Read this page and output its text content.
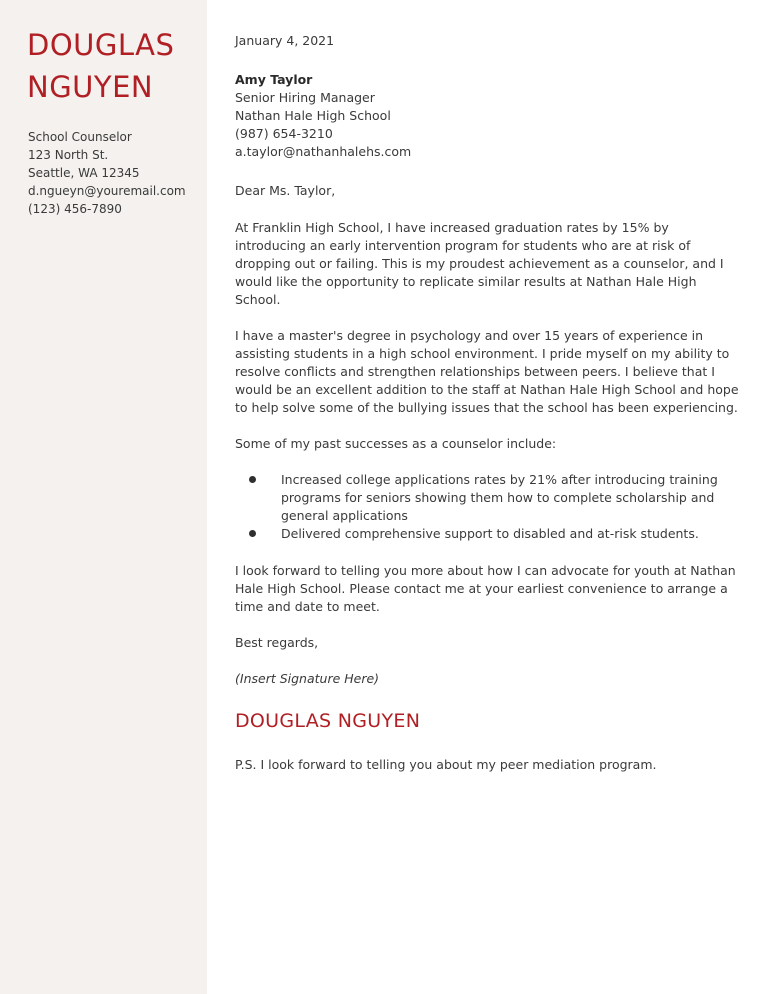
DOUGLAS
NGUYEN
School Counselor
123 North St.
Seattle, WA 12345
d.ngueyn@youremail.com
(123) 456-7890
January 4, 2021
Amy Taylor
Senior Hiring Manager
Nathan Hale High School
(987) 654-3210
a.taylor@nathanhalehs.com
Dear Ms. Taylor,

At Franklin High School, I have increased graduation rates by 15% by introducing an early intervention program for students who are at risk of dropping out or failing. This is my proudest achievement as a counselor, and I would like the opportunity to replicate similar results at Nathan Hale High School.

I have a master's degree in psychology and over 15 years of experience in assisting students in a high school environment. I pride myself on my ability to resolve conflicts and strengthen relationships between peers. I believe that I would be an excellent addition to the staff at Nathan Hale High School and hope to help solve some of the bullying issues that the school has been experiencing.

Some of my past successes as a counselor include:

Increased college applications rates by 21% after introducing training programs for seniors showing them how to complete scholarship and general applications
Delivered comprehensive support to disabled and at-risk students.

I look forward to telling you more about how I can advocate for youth at Nathan Hale High School. Please contact me at your earliest convenience to arrange a time and date to meet.

Best regards,
(Insert Signature Here)
DOUGLAS NGUYEN

P.S. I look forward to telling you about my peer mediation program.
